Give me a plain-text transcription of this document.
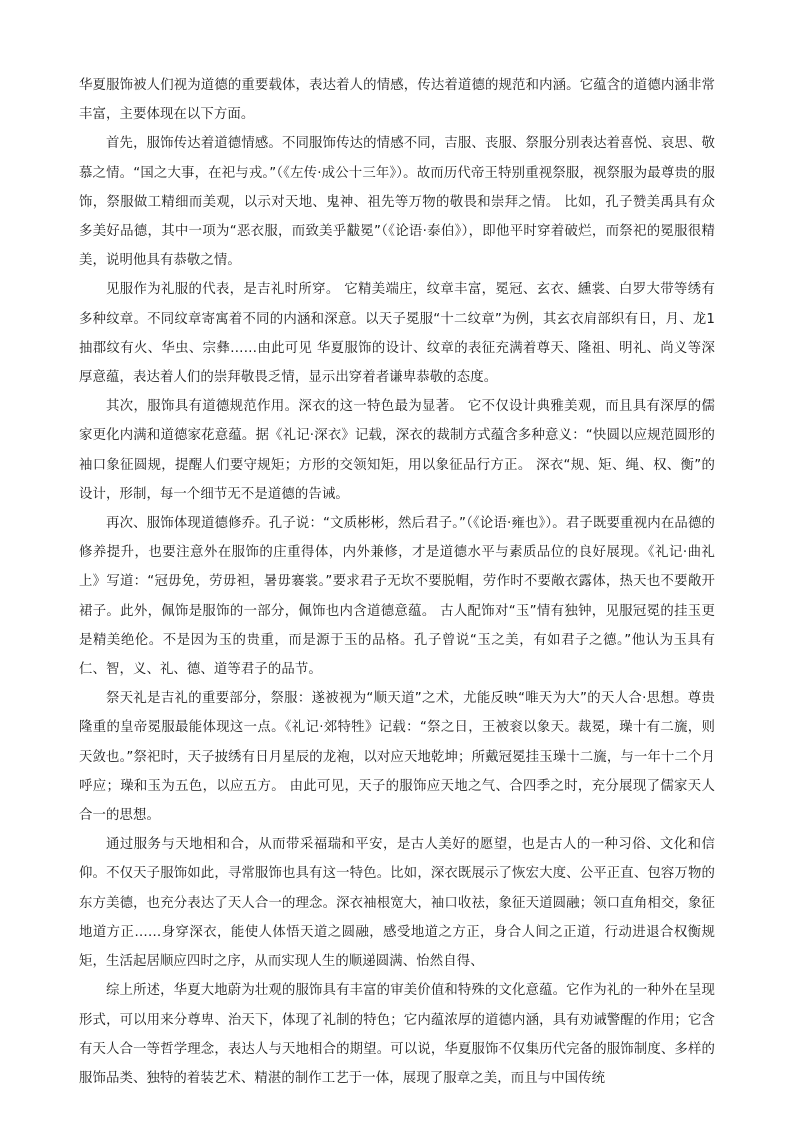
华夏服饰被人们视为道德的重要载体，表达着人的情感，传达着道德的规范和内涵。它蕴含的道德内涵非常丰富，主要体现在以下方面。

首先，服饰传达着道德情感。不同服饰传达的情感不同，吉服、丧服、祭服分别表达着喜悦、哀思、敬慕之情。“国之大事，在祀与戎。”（《左传·成公十三年》）。故而历代帝王特别重视祭服，视祭服为最尊贵的服饰，祭服做工精细而美观，以示对天地、鬼神、祖先等万物的敬畏和崇拜之情。 比如，孔子赞美禹具有众多美好品德，其中一项为“恶衣服，而致美乎黻冕”（《论语·泰伯》），即他平时穿着破烂，而祭祀的冕服很精美，说明他具有恭敬之情。

见服作为礼服的代表，是吉礼时所穿。 它精美端庄，纹章丰富，冕冠、玄衣、纁裳、白罗大带等绣有多种纹章。不同纹章寄寓着不同的内涵和深意。以天子冕服“十二纹章”为例，其玄衣肩部织有日，月、龙1抽郡纹有火、华虫、宗彝……由此可见 华夏服饰的设计、纹章的表征充满着尊天、隆祖、明礼、尚义等深厚意蕴，表达着人们的崇拜敬畏乏情，显示出穿着者谦卑恭敬的态度。

其次，服饰具有道德规范作用。深衣的这一特色最为显著。 它不仅设计典雅美观，而且具有深厚的儒家更化内满和道德家花意蕴。据《礼记·深衣》记载，深衣的裁制方式蕴含多种意义：“快圆以应规范圆形的袖口象征圆规，提醒人们要守规矩；方形的交领知矩，用以象征品行方正。 深衣“规、矩、绳、权、衡”的设计，形制，每一个细节无不是道德的告诫。

再次、服饰体现道德修乔。孔子说：“文质彬彬，然后君子。”（《论语·雍也》）。君子既要重视内在品德的修养提升，也要注意外在服饰的庄重得体，内外兼修，才是道德水平与素质品位的良好展现。《礼记·曲礼上》写道：“冠毋免，劳毋袒，暑毋褰裳。”要求君子无坎不要脱帽，劳作时不要敞衣露体，热天也不要敞开裙子。此外，佩饰是服饰的一部分，佩饰也内含道德意蕴。 古人配饰对“玉”情有独钟，见服冠冕的挂玉更是精美绝伦。不是因为玉的贵重，而是源于玉的品格。孔子曾说“玉之美，有如君子之德。”他认为玉具有仁、智，义、礼、德、道等君子的品节。

祭天礼是吉礼的重要部分，祭服：遂被视为“顺天道”之术，尤能反映“唯天为大”的天人合·思想。尊贵隆重的皇帝冕服最能体现这一点。《礼记·郊特牲》记载：“祭之日，王被衮以象天。裁冕，璪十有二旒，则天敛也。”祭祀时，天子披绣有日月星辰的龙袍，以对应天地乾坤；所戴冠冕挂玉璪十二旒，与一年十二个月呼应；璪和玉为五色，以应五方。 由此可见，天子的服饰应天地之气、合四季之时，充分展现了儒家天人合一的思想。

通过服务与天地相和合，从而带采福瑞和平安，是古人美好的愿望，也是古人的一种习俗、文化和信仰。不仅天子服饰如此，寻常服饰也具有这一特色。比如，深衣既展示了恢宏大度、公平正直、包容万物的东方美德，也充分表达了天人合一的理念。深衣袖根宽大，袖口收祛，象征天道圆融；领口直角相交，象征地道方正……身穿深衣，能使人体悟天道之圆融，感受地道之方正，身合人间之正道，行动进退合权衡规矩，生活起居顺应四时之序，从而实现人生的顺递圆满、怡然自得、

综上所述，华夏大地蔚为壮观的服饰具有丰富的审美价值和特殊的文化意蕴。它作为礼的一种外在呈现形式，可以用来分尊卑、治天下，体现了礼制的特色；它内蕴浓厚的道德内涵，具有劝诫警醒的作用；它含有天人合一等哲学理念，表达人与天地相合的期望。可以说，华夏服饰不仅集历代完备的服饰制度、多样的服饰品类、独特的着装艺术、精湛的制作工艺于一体，展现了服章之美，而且与中国传统
